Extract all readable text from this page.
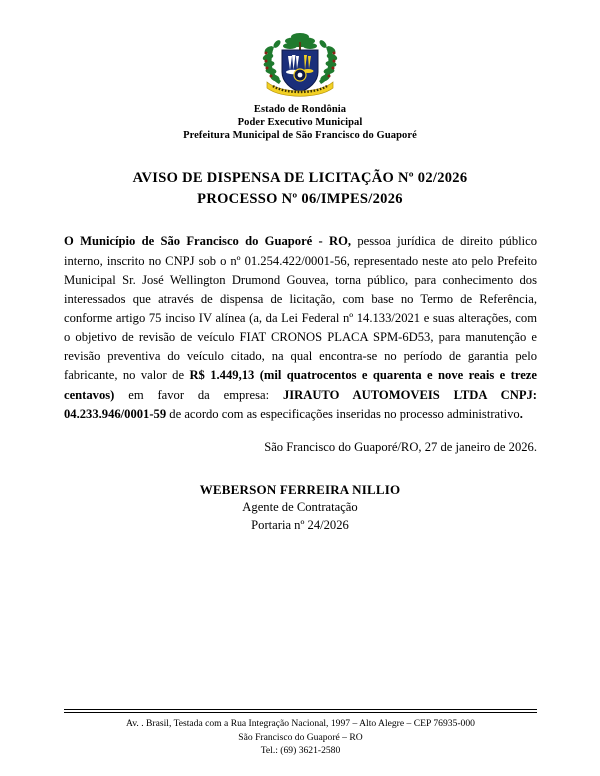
Estado de Rondônia
Poder Executivo Municipal
Prefeitura Municipal de São Francisco do Guaporé
AVISO DE DISPENSA DE LICITAÇÃO Nº 02/2026
PROCESSO Nº 06/IMPES/2026

O Município de São Francisco do Guaporé - RO, pessoa jurídica de direito público interno, inscrito no CNPJ sob o nº 01.254.422/0001-56, representado neste ato pelo Prefeito Municipal Sr. José Wellington Drumond Gouvea, torna público, para conhecimento dos interessados que através de dispensa de licitação, com base no Termo de Referência, conforme artigo 75 inciso IV alínea (a, da Lei Federal nº 14.133/2021 e suas alterações, com o objetivo de revisão de veículo FIAT CRONOS PLACA SPM-6D53, para manutenção e revisão preventiva do veículo citado, na qual encontra-se no período de garantia pelo fabricante, no valor de R$ 1.449,13 (mil quatrocentos e quarenta e nove reais e treze centavos) em favor da empresa: JIRAUTO AUTOMOVEIS LTDA CNPJ: 04.233.946/0001-59 de acordo com as especificações inseridas no processo administrativo.

São Francisco do Guaporé/RO, 27 de janeiro de 2026.
WEBERSON FERREIRA NILLIO
Agente de Contratação
Portaria nº 24/2026
Av. . Brasil, Testada com a Rua Integração Nacional, 1997 – Alto Alegre – CEP 76935-000
São Francisco do Guaporé – RO
Tel.: (69) 3621-2580
